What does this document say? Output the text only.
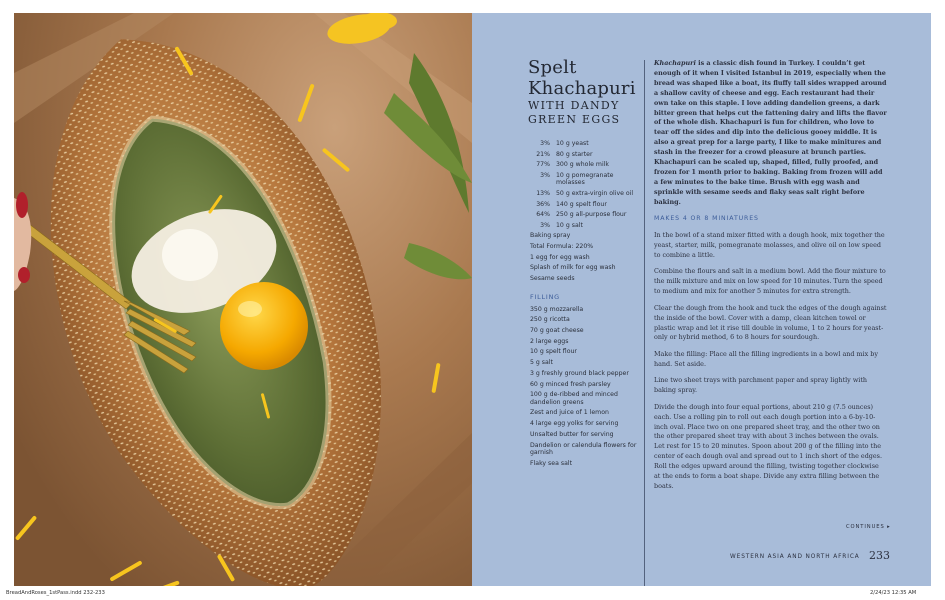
Spelt
Khachapuri
WITH DANDY
GREEN EGGS
3% 10 g yeast
21% 80 g starter
77% 300 g whole milk
3% 10 g pomegranate molasses
13% 50 g extra-virgin olive oil
36% 140 g spelt flour
64% 250 g all-purpose flour
3% 10 g salt
Baking spray
Total Formula: 220%
1 egg for egg wash
Splash of milk for egg wash
Sesame seeds
FILLING
350 g mozzarella
250 g ricotta
70 g goat cheese
2 large eggs
10 g spelt flour
5 g salt
3 g freshly ground black pepper
60 g minced fresh parsley
100 g de-ribbed and minced dandelion greens
Zest and juice of 1 lemon
4 large egg yolks for serving
Unsalted butter for serving
Dandelion or calendula flowers for garnish
Flaky sea salt

Khachapuri is a classic dish found in Turkey. I couldn’t get enough of it when I visited Istanbul in 2019, especially when the bread was shaped like a boat, its fluffy tall sides wrapped around a shallow cavity of cheese and egg. Each restaurant had their own take on this staple. I love adding dandelion greens, a dark bitter green that helps cut the fattening dairy and lifts the flavor of the whole dish. Khachapuri is fun for children, who love to tear off the sides and dip into the delicious gooey middle. It is also a great prep for a large party, I like to make minitures and stash in the freezer for a crowd pleasure at brunch parties. Khachapuri can be scaled up, shaped, filled, fully proofed, and frozen for 1 month prior to baking. Baking from frozen will add a few minutes to the bake time. Brush with egg wash and sprinkle with sesame seeds and flaky seas salt right before baking.

MAKES 4 OR 8 MINIATURES

In the bowl of a stand mixer fitted with a dough hook, mix together the yeast, starter, milk, pomegranate molasses, and olive oil on low speed to combine a little.

Combine the flours and salt in a medium bowl. Add the flour mixture to the milk mixture and mix on low speed for 10 minutes. Turn the speed to medium and mix for another 5 minutes for extra strength.

Clear the dough from the hook and tuck the edges of the dough against the inside of the bowl. Cover with a damp, clean kitchen towel or plastic wrap and let it rise till double in volume, 1 to 2 hours for yeast-only or hybrid method, 6 to 8 hours for sourdough.

Make the filling: Place all the filling ingredients in a bowl and mix by hand. Set aside.

Line two sheet trays with parchment paper and spray lightly with baking spray.

Divide the dough into four equal portions, about 210 g (7.5 ounces) each. Use a rolling pin to roll out each dough portion into a 6-by-10-inch oval. Place two on one prepared sheet tray, and the other two on the other prepared sheet tray with about 3 inches between the ovals. Let rest for 15 to 20 minutes. Spoon about 200 g of the filling into the center of each dough oval and spread out to 1 inch short of the edges. Roll the edges upward around the filling, twisting together clockwise at the ends to form a boat shape. Divide any extra filling between the boats.

CONTINUES ▸
WESTERN ASIA AND NORTH AFRICA 233
BreadAndRoses_1stPass.indd 232-233	2/24/23 12:35 AM
